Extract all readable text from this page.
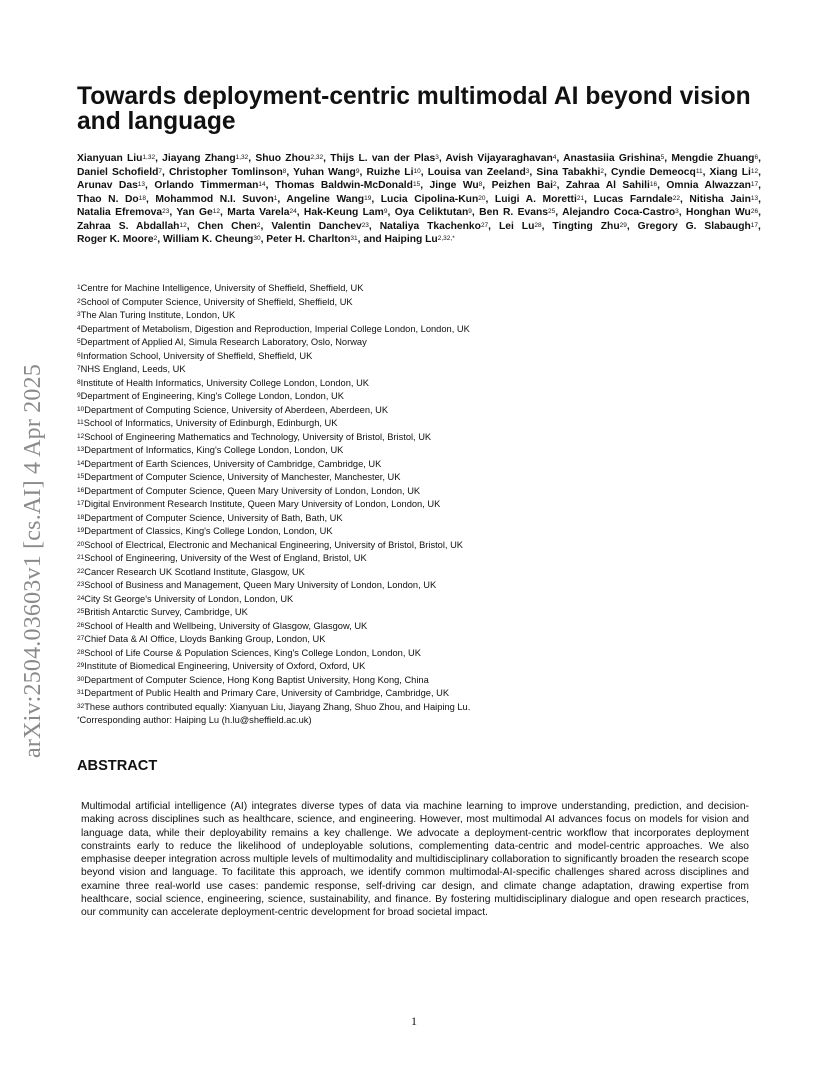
arXiv:2504.03603v1 [cs.AI] 4 Apr 2025
Towards deployment-centric multimodal AI beyond vision and language
Xianyuan Liu$^{1,32}$, Jiayang Zhang$^{1,32}$, Shuo Zhou$^{2,32}$, Thijs L. van der Plas$^3$, Avish Vijayaraghavan$^4$, Anastasiia Grishina$^5$, Mengdie Zhuang$^6$, Daniel Schofield$^7$, Christopher Tomlinson$^8$, Yuhan Wang$^9$, Ruizhe Li$^{10}$, Louisa van Zeeland$^3$, Sina Tabakhi$^2$, Cyndie Demeocq$^{11}$, Xiang Li$^{12}$, Arunav Das$^{13}$, Orlando Timmerman$^{14}$, Thomas Baldwin-McDonald$^{15}$, Jinge Wu$^8$, Peizhen Bai$^2$, Zahraa Al Sahili$^{16}$, Omnia Alwazzan$^{17}$, Thao N. Do$^{18}$, Mohammod N.I. Suvon$^1$, Angeline Wang$^{19}$, Lucia Cipolina-Kun$^{20}$, Luigi A. Moretti$^{21}$, Lucas Farndale$^{22}$, Nitisha Jain$^{13}$, Natalia Efremova$^{23}$, Yan Ge$^{12}$, Marta Varela$^{24}$, Hak-Keung Lam$^9$, Oya Celiktutan$^9$, Ben R. Evans$^{25}$, Alejandro Coca-Castro$^3$, Honghan Wu$^{26}$, Zahraa S. Abdallah$^{12}$, Chen Chen$^2$, Valentin Danchev$^{23}$, Nataliya Tkachenko$^{27}$, Lei Lu$^{28}$, Tingting Zhu$^{29}$, Gregory G. Slabaugh$^{17}$, Roger K. Moore$^2$, William K. Cheung$^{30}$, Peter H. Charlton$^{31}$, and Haiping $Lu^{2,32,*}$
$^1$Centre for Machine Intelligence, University of Sheffield, Sheffield, UK
$^2$School of Computer Science, University of Sheffield, Sheffield, UK
$^3$The Alan Turing Institute, London, UK
$^4$Department of Metabolism, Digestion and Reproduction, Imperial College London, London, UK
$^5$Department of Applied AI, Simula Research Laboratory, Oslo, Norway
$^6$Information School, University of Sheffield, Sheffield, UK
$^7$NHS England, Leeds, UK
$^8$Institute of Health Informatics, University College London, London, UK
$^9$Department of Engineering, King's College London, London, UK
$^{10}$Department of Computing Science, University of Aberdeen, Aberdeen, UK
$^{11}$School of Informatics, University of Edinburgh, Edinburgh, UK
$^{12}$School of Engineering Mathematics and Technology, University of Bristol, Bristol, UK
$^{13}$Department of Informatics, King's College London, London, UK
$^{14}$Department of Earth Sciences, University of Cambridge, Cambridge, UK
$^{15}$Department of Computer Science, University of Manchester, Manchester, UK
$^{16}$Department of Computer Science, Queen Mary University of London, London, UK
$^{17}$Digital Environment Research Institute, Queen Mary University of London, London, UK
$^{18}$Department of Computer Science, University of Bath, Bath, UK
$^{19}$Department of Classics, King's College London, London, UK
$^{20}$School of Electrical, Electronic and Mechanical Engineering, University of Bristol, Bristol, UK
$^{21}$School of Engineering, University of the West of England, Bristol, UK
$^{22}$Cancer Research UK Scotland Institute, Glasgow, UK
$^{23}$School of Business and Management, Queen Mary University of London, London, UK
$^{24}$City St George's University of London, London, UK
$^{25}$British Antarctic Survey, Cambridge, UK
$^{26}$School of Health and Wellbeing, University of Glasgow, Glasgow, UK
$^{27}$Chief Data & AI Office, Lloyds Banking Group, London, UK
$^{28}$School of Life Course & Population Sciences, King's College London, London, UK
$^{29}$Institute of Biomedical Engineering, University of Oxford, Oxford, UK
$^{30}$Department of Computer Science, Hong Kong Baptist University, Hong Kong, China
$^{31}$Department of Public Health and Primary Care, University of Cambridge, Cambridge, UK
$^{32}$These authors contributed equally: Xianyuan Liu, Jiayang Zhang, Shuo Zhou, and Haiping Lu.
*Corresponding author: Haiping Lu (h.lu@sheffield.ac.uk)
ABSTRACT

Multimodal artificial intelligence (AI) integrates diverse types of data via machine learning to improve understanding, prediction, and decision-making across disciplines such as healthcare, science, and engineering. However, most multimodal AI advances focus on models for vision and language data, while their deployability remains a key challenge. We advocate a deployment-centric workflow that incorporates deployment constraints early to reduce the likelihood of undeployable solutions, complementing data-centric and model-centric approaches. We also emphasise deeper integration across multiple levels of multimodality and multidisciplinary collaboration to significantly broaden the research scope beyond vision and language. To facilitate this approach, we identify common multimodal-AI-specific challenges shared across disciplines and examine three real-world use cases: pandemic response, self-driving car design, and climate change adaptation, drawing expertise from healthcare, social science, engineering, science, sustainability, and finance. By fostering multidisciplinary dialogue and open research practices, our community can accelerate deployment-centric development for broad societal impact.

1
